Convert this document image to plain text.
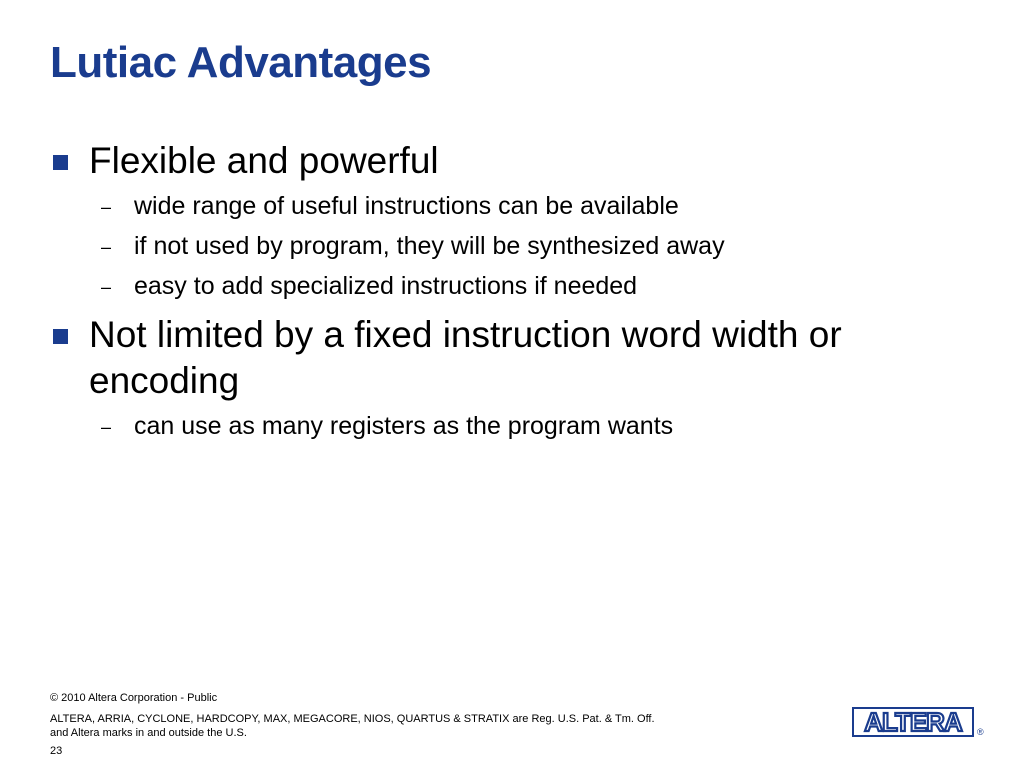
Lutiac Advantages
Flexible and powerful
– wide range of useful instructions can be available
– if not used by program, they will be synthesized away
– easy to add specialized instructions if needed
Not limited by a fixed instruction word width or encoding
– can use as many registers as the program wants
© 2010 Altera Corporation - Public
ALTERA, ARRIA, CYCLONE, HARDCOPY, MAX, MEGACORE, NIOS, QUARTUS & STRATIX are Reg. U.S. Pat. & Tm. Off.
and Altera marks in and outside the U.S.
23
ALTERA ®
